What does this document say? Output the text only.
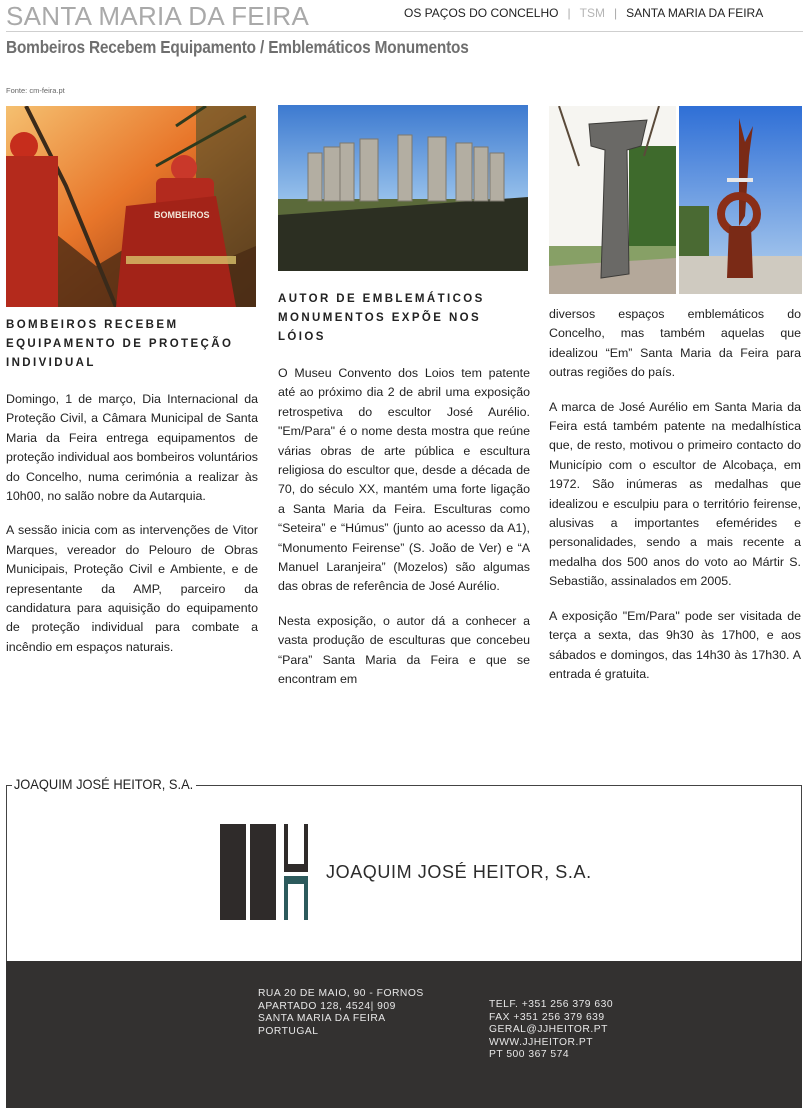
SANTA MARIA DA FEIRA	OS PAÇOS DO CONCELHO | TSM | SANTA MARIA DA FEIRA
Bombeiros Recebem Equipamento / Emblemáticos Monumentos
Fonte: cm-feira.pt
BOMBEIROS
BOMBEIROS RECEBEM EQUIPAMENTO DE PROTEÇÃO INDIVIDUAL

Domingo, 1 de março, Dia Internacional da Proteção Civil, a Câmara Municipal de Santa Maria da Feira entrega equipamentos de proteção individual aos bombeiros voluntários do Concelho, numa cerimónia a realizar às 10h00, no salão nobre da Autarquia.

A sessão inicia com as intervenções de Vitor Marques, vereador do Pelouro de Obras Municipais, Proteção Civil e Ambiente, e de representante da AMP, parceiro da candidatura para aquisição do equipamento de proteção individual para combate a incêndio em espaços naturais.

AUTOR DE EMBLEMÁTICOS MONUMENTOS EXPÕE NOS LÓIOS

O Museu Convento dos Loios tem patente até ao próximo dia 2 de abril uma exposição retrospetiva do escultor José Aurélio. "Em/Para" é o nome desta mostra que reúne várias obras de arte pública e escultura religiosa do escultor que, desde a década de 70, do século XX, mantém uma forte ligação a Santa Maria da Feira. Esculturas como “Seteira” e “Húmus” (junto ao acesso da A1), “Monumento Feirense” (S. João de Ver) e “A Manuel Laranjeira” (Mozelos) são algumas das obras de referência de José Aurélio.

Nesta exposição, o autor dá a conhecer a vasta produção de esculturas que concebeu “Para” Santa Maria da Feira e que se encontram em

diversos espaços emblemáticos do Concelho, mas também aquelas que idealizou “Em” Santa Maria da Feira para outras regiões do país.

A marca de José Aurélio em Santa Maria da Feira está também patente na medalhística que, de resto, motivou o primeiro contacto do Município com o escultor de Alcobaça, em 1972. São inúmeras as medalhas que idealizou e esculpiu para o território feirense, alusivas a importantes efemérides e personalidades, sendo a mais recente a medalha dos 500 anos do voto ao Mártir S. Sebastião, assinalados em 2005.

A exposição "Em/Para" pode ser visitada de terça a sexta, das 9h30 às 17h00, e aos sábados e domingos, das 14h30 às 17h30. A entrada é gratuita.

JOAQUIM JOSÉ HEITOR, S.A.
JOAQUIM JOSÉ HEITOR, S.A.
RUA 20 DE MAIO, 90 - FORNOS
APARTADO 128, 4524| 909
SANTA MARIA DA FEIRA
PORTUGAL
TELF. +351 256 379 630
FAX +351 256 379 639
GERAL@JJHEITOR.PT
WWW.JJHEITOR.PT
PT 500 367 574
